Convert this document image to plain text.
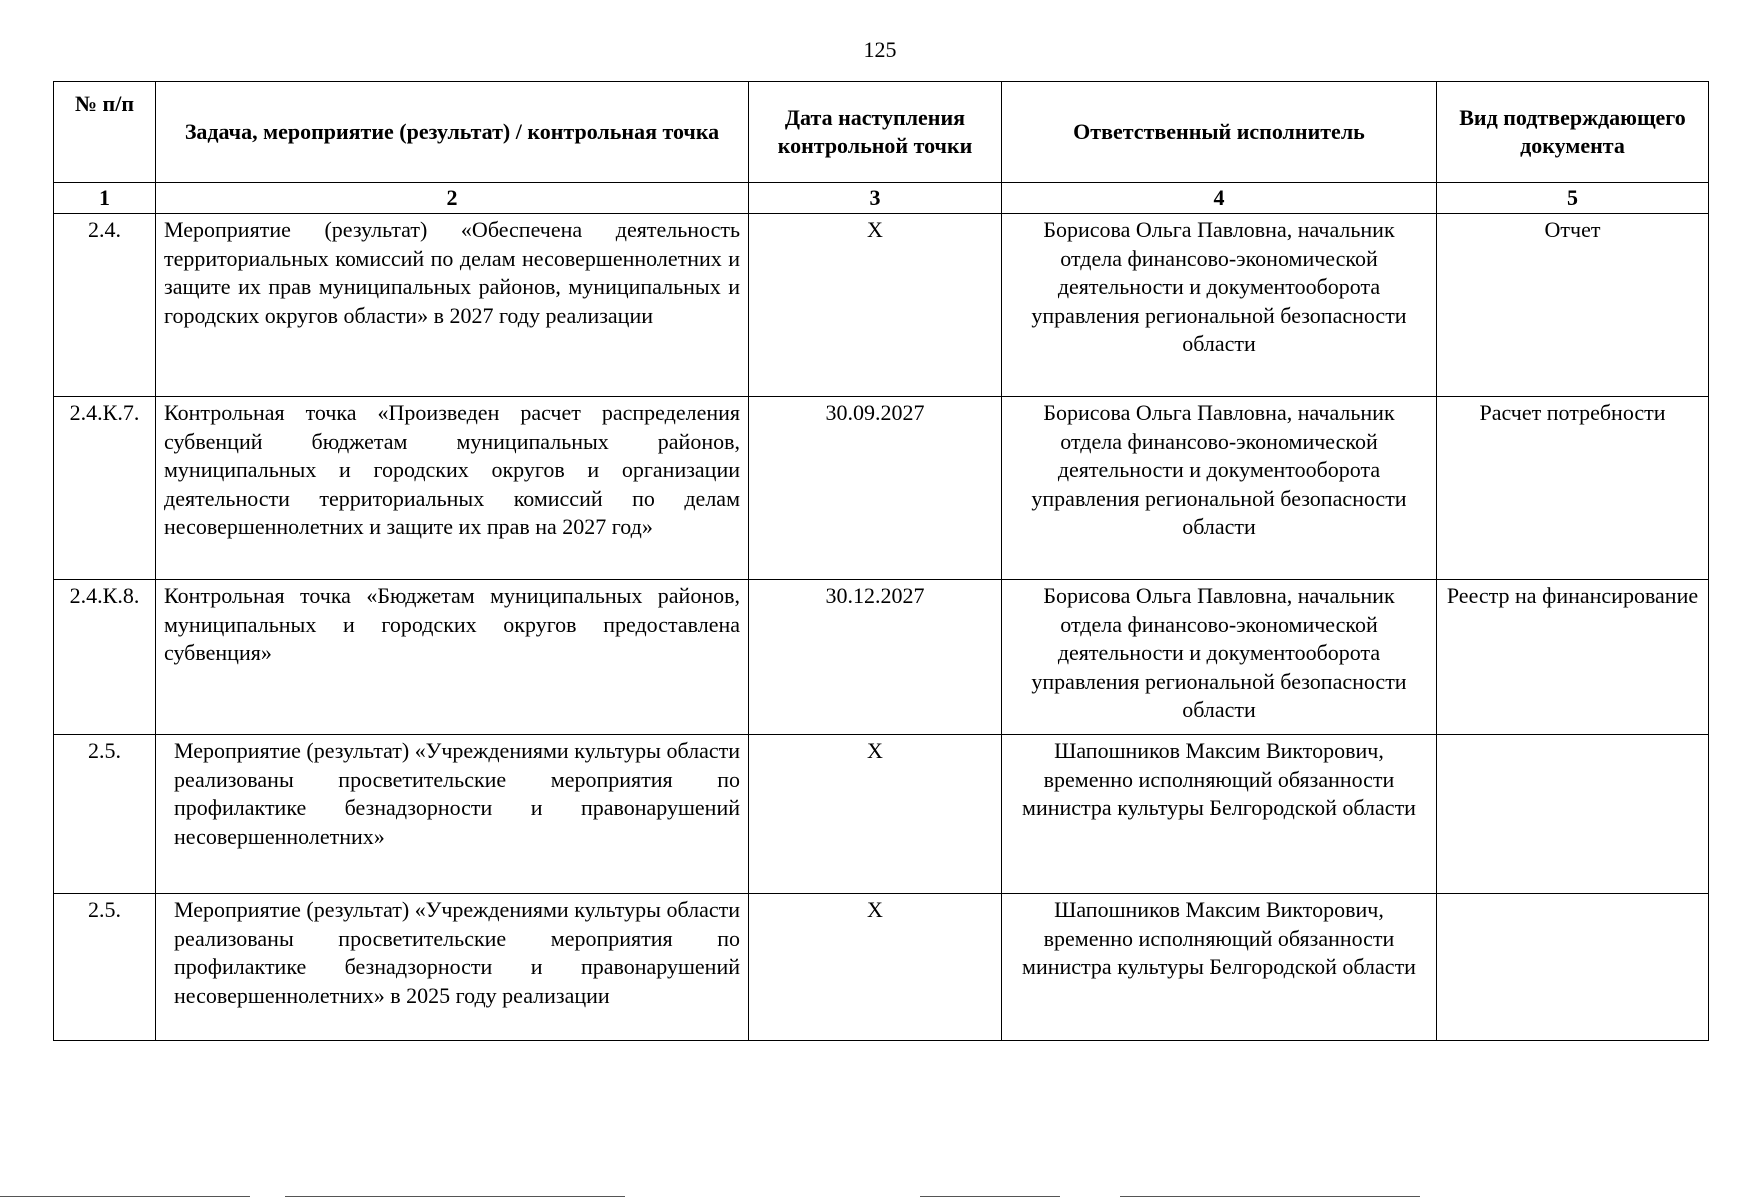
125
№ п/п	Задача, мероприятие (результат) / контрольная точка	Дата наступления контрольной точки	Ответственный исполнитель	Вид подтверждающего документа
1	2	3	4	5
2.4.	Мероприятие (результат) «Обеспечена деятельность территориальных комиссий по делам несовершеннолетних и защите их прав муниципальных районов, муниципальных и городских округов области» в 2027 году реализации	X	Борисова Ольга Павловна, начальник отдела финансово-экономической деятельности и документооборота управления региональной безопасности области	Отчет
2.4.К.7.	Контрольная точка «Произведен расчет распределения субвенций бюджетам муниципальных районов, муниципальных и городских округов и организации деятельности территориальных комиссий по делам несовершеннолетних и защите их прав на 2027 год»	30.09.2027	Борисова Ольга Павловна, начальник отдела финансово-экономической деятельности и документооборота управления региональной безопасности области	Расчет потребности
2.4.К.8.	Контрольная точка «Бюджетам муниципальных районов, муниципальных и городских округов предоставлена субвенция»	30.12.2027	Борисова Ольга Павловна, начальник отдела финансово-экономической деятельности и документооборота управления региональной безопасности области	Реестр на финансирование
2.5.	Мероприятие (результат) «Учреждениями культуры области реализованы просветительские мероприятия по профилактике безнадзорности и правонарушений несовершеннолетних»	X	Шапошников Максим Викторович, временно исполняющий обязанности министра культуры Белгородской области	
2.5.	Мероприятие (результат) «Учреждениями культуры области реализованы просветительские мероприятия по профилактике безнадзорности и правонарушений несовершеннолетних» в 2025 году реализации	X	Шапошников Максим Викторович, временно исполняющий обязанности министра культуры Белгородской области	
